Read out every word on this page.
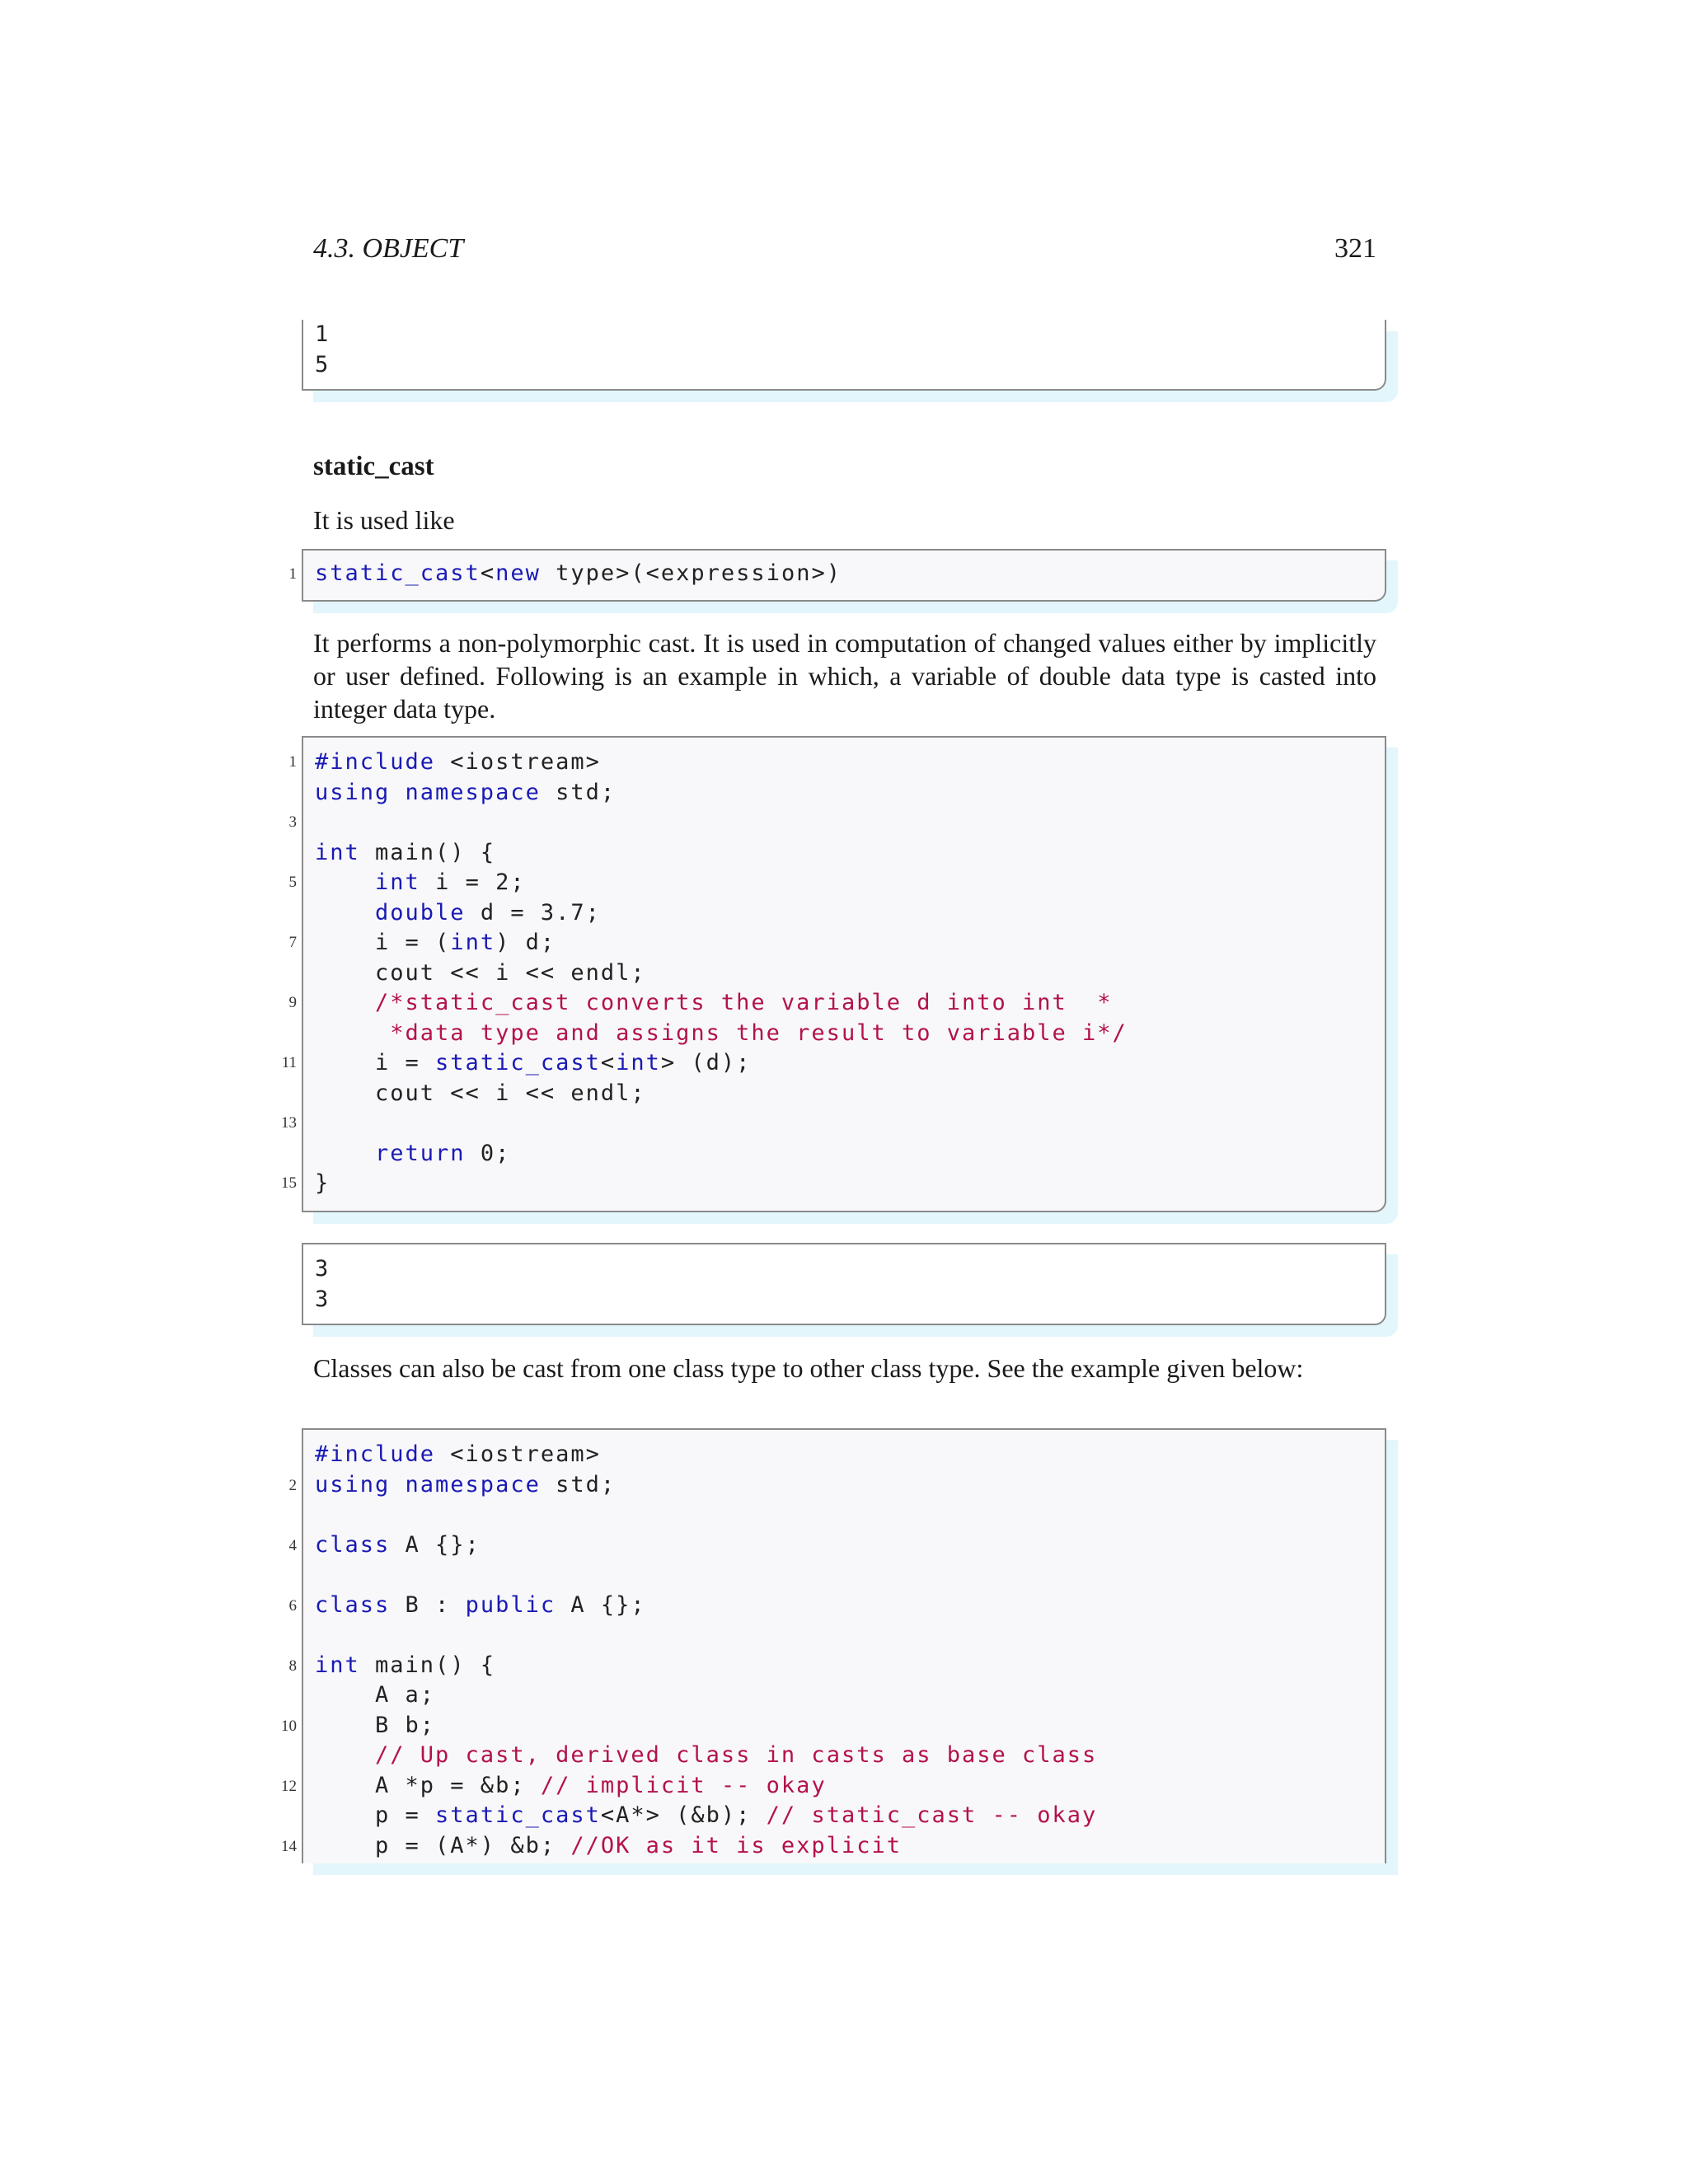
4.3. OBJECT	321
1
5
static_cast
It is used like
1 static_cast<new type>(<expression>)
It performs a non-polymorphic cast. It is used in computation of changed values either by implicitly or user defined. Following is an example in which, a variable of double data type is casted into integer data type.
1
3
5
7
9
11
13
15
#include <iostream>
using namespace std;
int main() {
int i = 2;
double d = 3.7;
i = (int) d;
cout << i << endl;
/*static_cast converts the variable d into int  *
*data type and assigns the result to variable i*/
i = static_cast<int> (d);
cout << i << endl;
return 0;
}
3
3
Classes can also be cast from one class type to other class type. See the example given below:
2
4
6
8
10
12
14
#include <iostream>
using namespace std;
class A {};
class B : public A {};
int main() {
A a;
B b;
// Up cast, derived class in casts as base class
A *p = &b; // implicit -- okay
p = static_cast<A*> (&b); // static_cast -- okay
p = (A*) &b; //OK as it is explicit
